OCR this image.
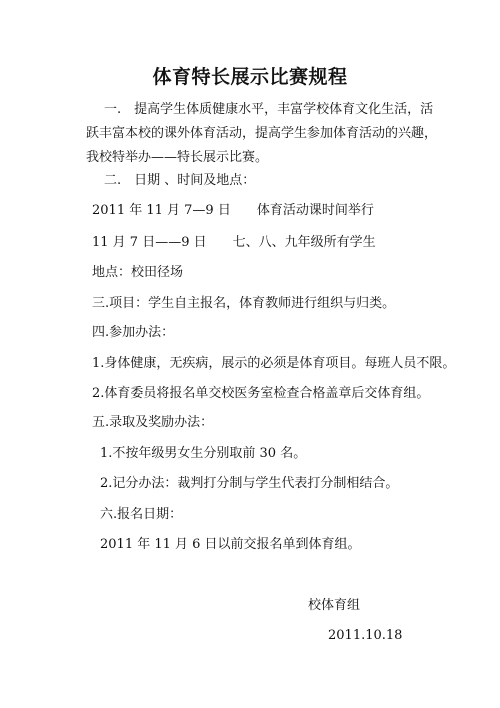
体育特长展示比赛规程
一.　提高学生体质健康水平，丰富学校体育文化生活，活跃丰富本校的课外体育活动，提高学生参加体育活动的兴趣，我校特举办——特长展示比赛。
二.　日期 、时间及地点：
2011 年 11 月 7—9 日　　体育活动课时间举行
11 月 7 日——9 日　　七、八、九年级所有学生
地点：校田径场
三.项目：学生自主报名，体育教师进行组织与归类。
四.参加办法：
1.身体健康，无疾病，展示的必须是体育项目。每班人员不限。
2.体育委员将报名单交校医务室检查合格盖章后交体育组。
五.录取及奖励办法：
1.不按年级男女生分别取前 30 名。
2.记分办法：裁判打分制与学生代表打分制相结合。
六.报名日期：
2011 年 11 月 6 日以前交报名单到体育组。
校体育组
2011.10.18
